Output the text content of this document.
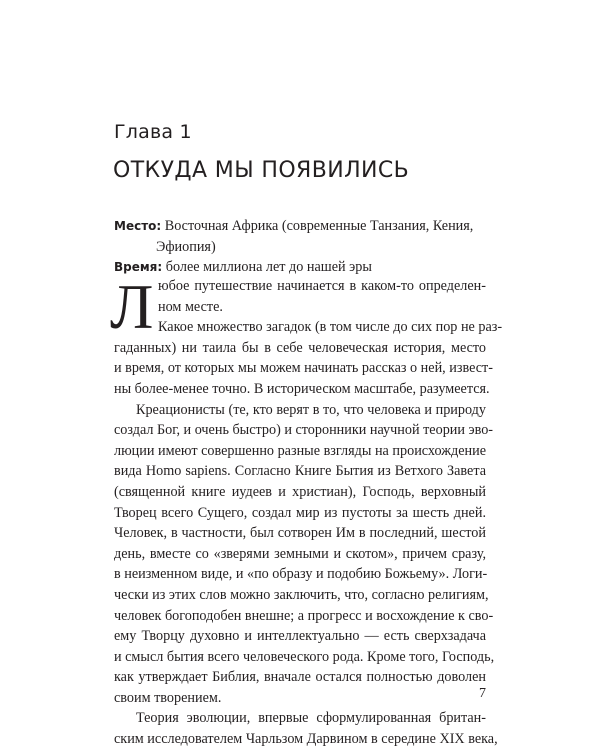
Глава 1
ОТКУДА МЫ ПОЯВИЛИСЬ
Место: Восточная Африка (современные Танзания, Кения,
Эфиопия)
Время: более миллиона лет до нашей эры
Л юбое путешествие начинается в каком-то определен-
ном месте.
Какое множество загадок (в том числе до сих пор не раз-
гаданных) ни таила бы в себе человеческая история, место
и время, от которых мы можем начинать рассказ о ней, извест-
ны более-менее точно. В историческом масштабе, разумеется.
Креационисты (те, кто верят в то, что человека и природу
создал Бог, и очень быстро) и сторонники научной теории эво-
люции имеют совершенно разные взгляды на происхождение
вида Homo sapiens. Согласно Книге Бытия из Ветхого Завета
(священной книге иудеев и христиан), Господь, верховный
Творец всего Сущего, создал мир из пустоты за шесть дней.
Человек, в частности, был сотворен Им в последний, шестой
день, вместе со «зверями земными и скотом», причем сразу,
в неизменном виде, и «по образу и подобию Божьему». Логи-
чески из этих слов можно заключить, что, согласно религиям,
человек богоподобен внешне; а прогресс и восхождение к сво-
ему Творцу духовно и интеллектуально — есть сверхзадача
и смысл бытия всего человеческого рода. Кроме того, Господь,
как утверждает Библия, вначале остался полностью доволен
своим творением.
Теория эволюции, впервые сформулированная британ-
ским исследователем Чарльзом Дарвином в середине XIX века,
7
